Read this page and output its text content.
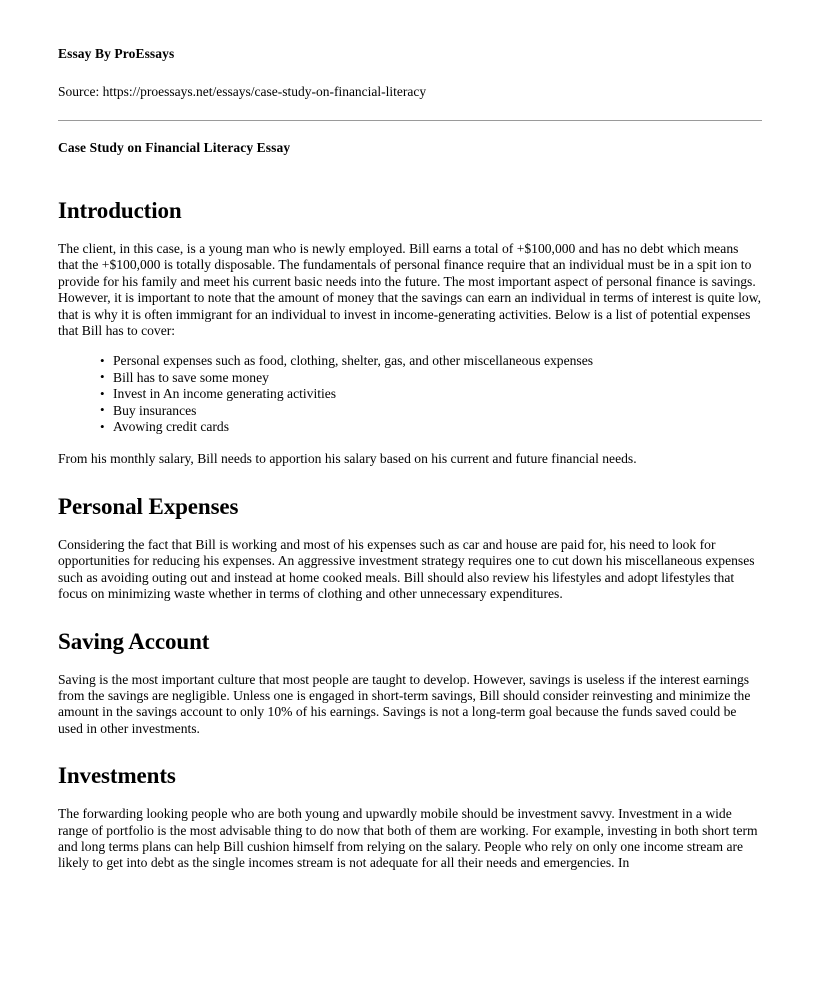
Essay By ProEssays
Source: https://proessays.net/essays/case-study-on-financial-literacy
Case Study on Financial Literacy Essay
Introduction

The client, in this case, is a young man who is newly employed. Bill earns a total of +$100,000 and has no debt which means that the +$100,000 is totally disposable. The fundamentals of personal finance require that an individual must be in a spit ion to provide for his family and meet his current basic needs into the future. The most important aspect of personal finance is savings. However, it is important to note that the amount of money that the savings can earn an individual in terms of interest is quite low, that is why it is often immigrant for an individual to invest in income-generating activities. Below is a list of potential expenses that Bill has to cover:

• Personal expenses such as food, clothing, shelter, gas, and other miscellaneous expenses
• Bill has to save some money
• Invest in An income generating activities
• Buy insurances
• Avowing credit cards

From his monthly salary, Bill needs to apportion his salary based on his current and future financial needs.

Personal Expenses

Considering the fact that Bill is working and most of his expenses such as car and house are paid for, his need to look for opportunities for reducing his expenses. An aggressive investment strategy requires one to cut down his miscellaneous expenses such as avoiding outing out and instead at home cooked meals. Bill should also review his lifestyles and adopt lifestyles that focus on minimizing waste whether in terms of clothing and other unnecessary expenditures.

Saving Account

Saving is the most important culture that most people are taught to develop. However, savings is useless if the interest earnings from the savings are negligible. Unless one is engaged in short-term savings, Bill should consider reinvesting and minimize the amount in the savings account to only 10% of his earnings. Savings is not a long-term goal because the funds saved could be used in other investments.

Investments

The forwarding looking people who are both young and upwardly mobile should be investment savvy. Investment in a wide range of portfolio is the most advisable thing to do now that both of them are working. For example, investing in both short term and long terms plans can help Bill cushion himself from relying on the salary. People who rely on only one income stream are likely to get into debt as the single incomes stream is not adequate for all their needs and emergencies. In
